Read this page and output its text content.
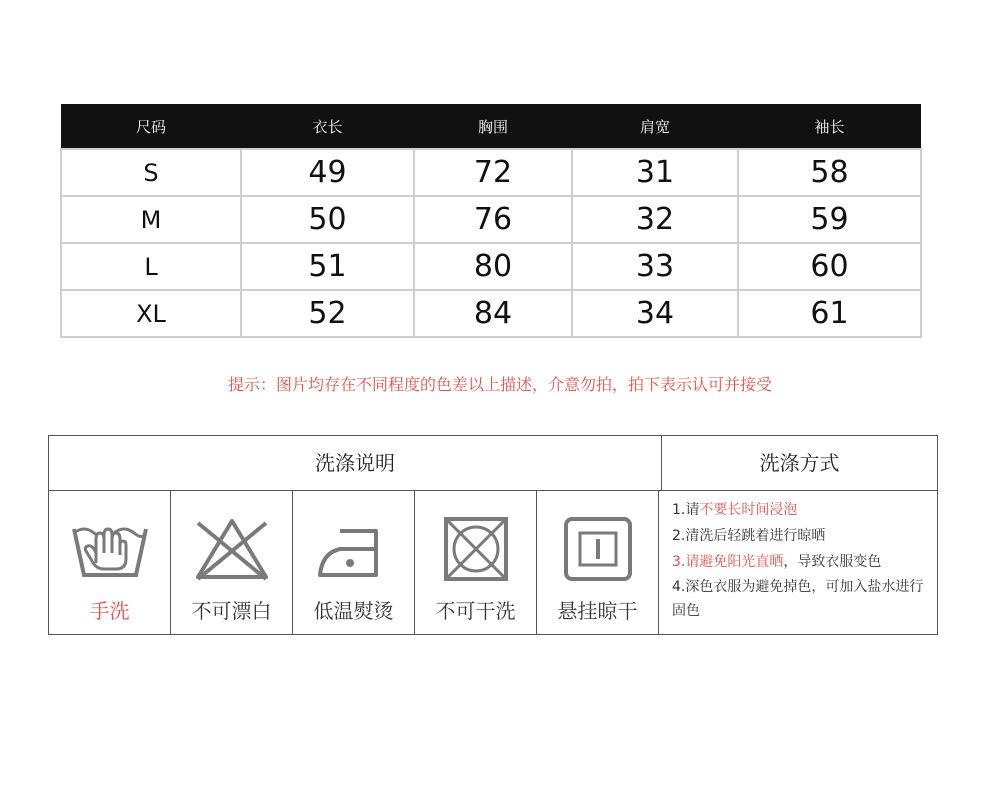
尺码	衣长	胸围	肩宽	袖长
S	49	72	31	58
M	50	76	32	59
L	51	80	33	60
XL	52	84	34	61
提示：图片均存在不同程度的色差以上描述，介意勿拍，拍下表示认可并接受
洗涤说明	洗涤方式
手洗	不可漂白	低温熨烫	不可干洗	悬挂晾干
1.请不要长时间浸泡
2.清洗后轻跳着进行晾晒
3.请避免阳光直晒，导致衣服变色
4.深色衣服为避免掉色，可加入盐水进行固色
